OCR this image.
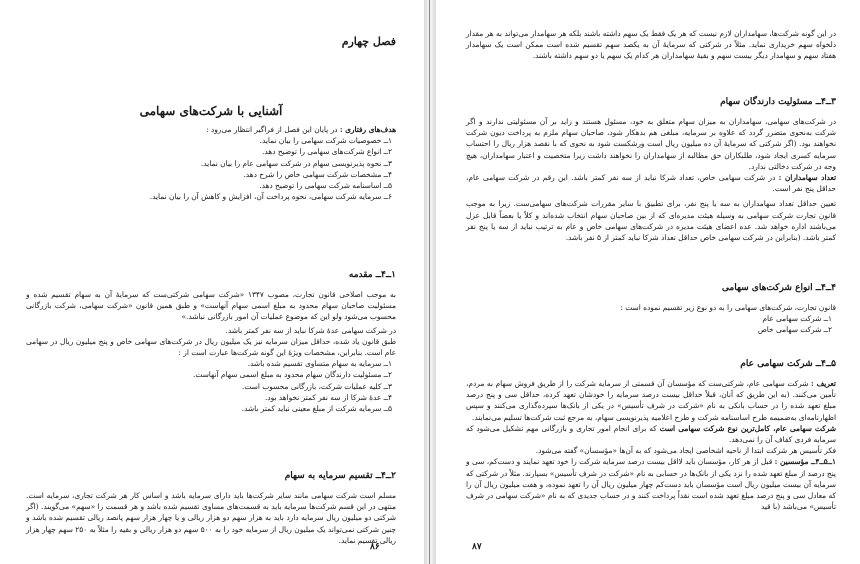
فصل چهارم

آشنایی با شرکت‌های سهامی

هدف‌های رفتاری : در پایان این فصل از فراگیر انتظار می‌رود :

۱ــ خصوصیات شرکت سهامی را بیان نماید.

۲ــ انواع شرکت‌های سهامی را توضیح دهد.

۳ــ نحوه پذیرنویسی سهام در شرکت سهامی عام را بیان نماید.

۴ــ مشخصات شرکت سهامی خاص را شرح دهد.

۵ــ اساسنامه شرکت سهامی را توضیح دهد.

۶ــ سرمایه شرکت سهامی، نحوه پرداخت آن، افزایش و کاهش آن را بیان نماید.

۱ــ۴ــ مقدمه

به موجب اصلاحی قانون تجارت، مصوب ۱۳۴۷ «شرکت سهامی شرکتی‌ست که سرمایهٔ آن به سهام تقسیم شده و مسئولیت صاحبان سهام محدود به مبلغ اسمی سهام آنهاست» و طبق همین قانون «شرکت سهامی، شرکت بازرگانی محسوب می‌شود ولو این که موضوع عملیات آن امور بازرگانی نباشد.»

در شرکت سهامی عدهٔ شرکا نباید از سه نفر کمتر باشد.

طبق قانون یاد شده، حداقل میزان سرمایه نیز یک میلیون ریال در شرکت‌های سهامی خاص و پنج میلیون ریال در سهامی عام است. بنابراین، مشخصات ویژهٔ این گونه شرکت‌ها عبارت است از :

۱ــ سرمایه به سهام متساوی تقسیم شده باشد.

۲ــ مسئولیت دارندگان سهام محدود به مبلغ اسمی سهام آنهاست.

۳ــ کلیه عملیات شرکت، بازرگانی محسوب است.

۴ــ عدهٔ شرکا از سه نفر کمتر نخواهد بود.

۵ــ سرمایه شرکت از مبلغ معینی نباید کمتر باشد.

۲ــ۴ــ تقسیم سرمایه به سهام

مسلم است شرکت سهامی مانند سایر شرکت‌ها باید دارای سرمایه باشد و اساس کار هر شرکت تجاری، سرمایه است. منتهی در این قسم شرکت‌ها سرمایه باید به قسمت‌های مساوی تقسیم شده باشد و هر قسمت را «سهم» می‌گویند. (اگر شرکتی دو میلیون ریال سرمایه دارد باید به هزار سهم دو هزار ریالی و یا چهار هزار سهم پانصد ریالی تقسیم شده باشد و چنین شرکتی نمی‌تواند یک میلیون ریال از سرمایه خود را به ۵۰۰ سهم دو هزار ریالی و بقیه را مثلاً به ۲۵۰ سهم چهار هزار ریالی تقسیم نماید.

۸۶

در این گونه شرکت‌ها، سهامداران لازم نیست که هر یک فقط یک سهم داشته باشند بلکه هر سهامدار می‌تواند به هر مقدار دلخواه سهم خریداری نماید. مثلاً در شرکتی که سرمایهٔ آن به یکصد سهم تقسیم شده است ممکن است یک سهامدار هفتاد سهم و سهامدار دیگر بیست سهم و بقیهٔ سهامداران هر کدام یک سهم یا دو سهم داشته باشند.

۳ــ۴ــ مسئولیت دارندگان سهام

در شرکت‌های سهامی، سهامداران به میزان سهام متعلق به خود، مسئول هستند و زاید بر آن مسئولیتی ندارند و اگر شرکت به‌نحوی متضرر گردد که علاوه بر سرمایه، مبلغی هم بدهکار شود، صاحبان سهام ملزم به پرداخت دیون شرکت نخواهند بود. (اگر شرکتی که سرمایهٔ آن ده میلیون ریال است ورشکست شود به نحوی که با نقصد هزار ریال را احتساب سرمایه کسری ایجاد شود، طلبکاران حق مطالبه از سهامداران را نخواهند داشت زیرا متخصیت و اعتبار سهامداران، هیچ وجه در شرکت دخالتی ندارد.

تعداد سهامداران : در شرکت سهامی خاص، تعداد شرکا نباید از سه نفر کمتر باشد. این رقم در شرکت سهامی عام، حداقل پنج نفر است.

تعیین حداقل تعداد سهامداران به سه یا پنج نفر، برای تطبیق با سایر مقررات شرکت‌های سهامی‌ست. زیرا به موجب قانون تجارت شرکت سهامی به وسیله هیئت مدیره‌ای که از بین صاحبان سهام انتخاب شده‌اند و کلاً یا بعضاً قابل عزل می‌باشند اداره خواهد شد. عده اعضای هیئت مدیره در شرکت‌های سهامی خاص و عام به ترتیب نباید از سه یا پنج نفر کمتر باشد. (بنابراین در شرکت سهامی خاص حداقل تعداد شرکا نباید کمتر از ۵ نفر باشد.

۴ــ۴ــ انواع شرکت‌های سهامی

قانون تجارت، شرکت‌های سهامی را به دو نوع زیر تقسیم نموده است :

۱ــ شرکت سهامی عام

۲ــ شرکت سهامی خاص

۵ــ۴ــ شرکت سهامی عام

تعریف : شرکت سهامی عام، شرکتی‌ست که مؤسسان آن قسمتی از سرمایه شرکت را از طریق فروش سهام به مردم، تأمین می‌کنند. (به این طریق که آنان، قبلاً حداقل بیست درصد سرمایه را خودشان تعهد کرده، حداقل سی و پنج درصد مبلغ تعهد شده را در حساب بانکی به نام «شرکت در شرف تأسیس» در یکی از بانک‌ها سپرده‌گذاری می‌کنند و سپس اظهارنامه‌ای به‌ضمیمه طرح اساسنامه شرکت و طرح اعلامیه پذیرنویسی سهام، به مرجع ثبت شرکت‌ها تسلیم می‌نمایند.

شرکت سهامی عام، کامل‌ترین نوع شرکت سهامی است که برای انجام امور تجاری و بازرگانی مهم تشکیل می‌شود که سرمایه فردی کفاف آن را نمی‌دهد.

فکر تأسیس هر شرکت ابتدا از ناحیه اشخاصی ایجاد می‌شود که به آن‌ها «مؤسسان» گفته می‌شود.

۱ــ۵ــ۴ــ مؤسسین : قبل از هر کار، مؤسسان باید لااقل بیست درصد سرمایه شرکت را خود تعهد نمایند و دست‌کم، سی و پنج درصد از مبلغ تعهد شده را نزد یکی از بانک‌ها در حسابی به نام «شرکت در شرف تأسیس» بسپارند. مثلاً در شرکتی که سرمایه آن بیست میلیون ریال است مؤسسان باید دست‌کم چهار میلیون ریال آن را تعهد نموده، و هفت میلیون ریال آن را که معادل سی و پنج درصد مبلغ تعهد شده است نقداً پرداخت کنند و در حساب جدیدی که به نام «شرکت سهامی در شرف تأسیس» می‌باشد (با قید

۸۷
